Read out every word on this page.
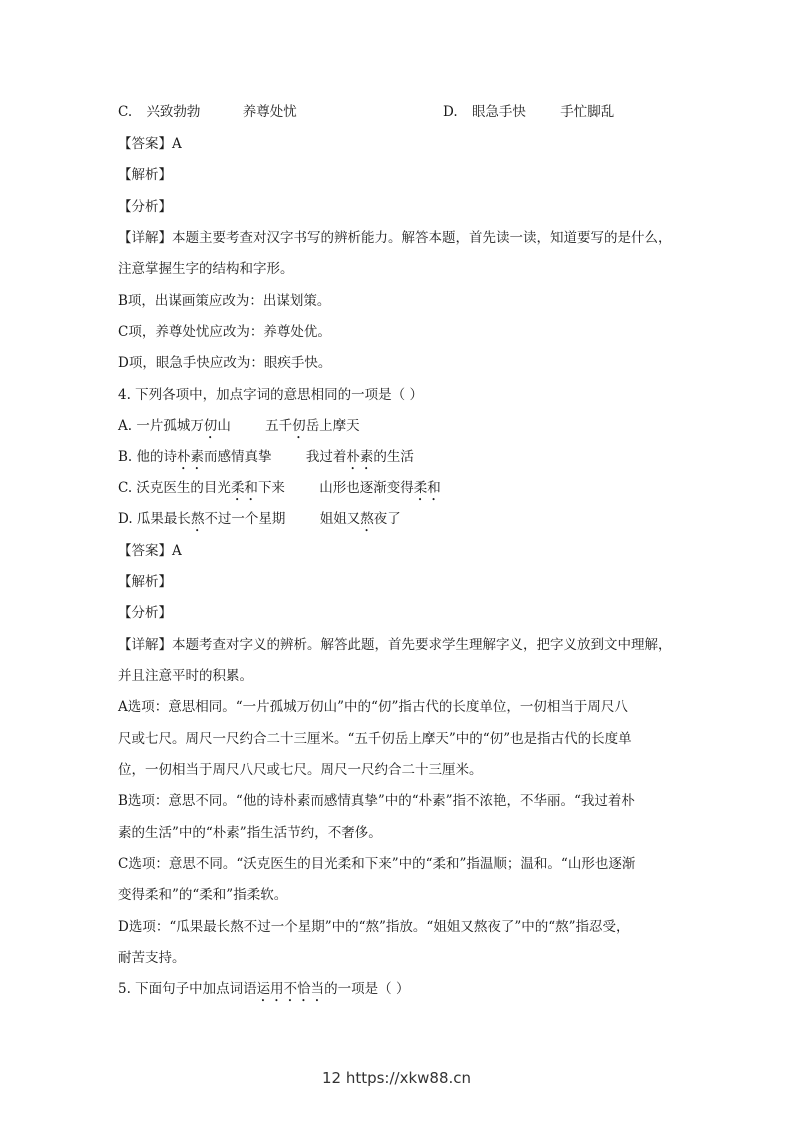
C. 兴致勃勃	养尊处忧	D. 眼急手快	手忙脚乱
【答案】A
【解析】
【分析】
【详解】本题主要考查对汉字书写的辨析能力。解答本题，首先读一读，知道要写的是什么，
注意掌握生字的结构和字形。
B项，出谋画策应改为：出谋划策。
C项，养尊处忧应改为：养尊处优。
D项，眼急手快应改为：眼疾手快。
4. 下列各项中，加点字词的意思相同的一项是（ ）
A. 一片孤城万仞山        五千仞岳上摩天
B. 他的诗朴素而感情真挚        我过着朴素的生活
C. 沃克医生的目光柔和下来        山形也逐渐变得柔和
D. 瓜果最长熬不过一个星期        姐姐又熬夜了
【答案】A
【解析】
【分析】
【详解】本题考查对字义的辨析。解答此题，首先要求学生理解字义，把字义放到文中理解，
并且注意平时的积累。
A选项：意思相同。“一片孤城万仞山”中的“仞”指古代的长度单位，一仞相当于周尺八
尺或七尺。周尺一尺约合二十三厘米。“五千仞岳上摩天”中的“仞”也是指古代的长度单
位，一仞相当于周尺八尺或七尺。周尺一尺约合二十三厘米。
B选项：意思不同。“他的诗朴素而感情真挚”中的“朴素”指不浓艳，不华丽。“我过着朴
素的生活”中的“朴素”指生活节约，不奢侈。
C选项：意思不同。“沃克医生的目光柔和下来”中的“柔和”指温顺；温和。“山形也逐渐
变得柔和”的“柔和”指柔软。
D选项：“瓜果最长熬不过一个星期”中的“熬”指放。“姐姐又熬夜了”中的“熬”指忍受，
耐苦支持。
5. 下面句子中加点词语运用不恰当的一项是（ ）
12 https://xkw88.cn
